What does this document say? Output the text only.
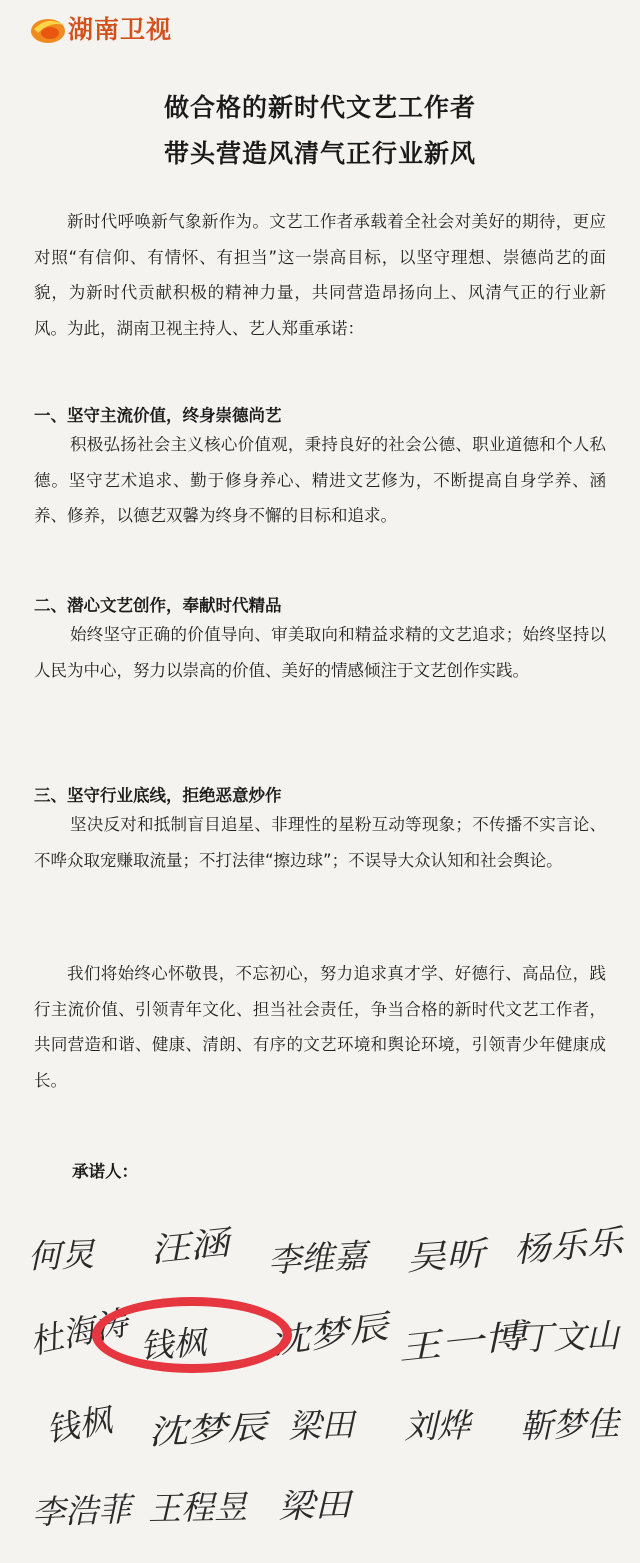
湖南卫视
做合格的新时代文艺工作者
带头营造风清气正行业新风

新时代呼唤新气象新作为。文艺工作者承载着全社会对美好的期待，更应对照“有信仰、有情怀、有担当”这一崇高目标，以坚守理想、崇德尚艺的面貌，为新时代贡献积极的精神力量，共同营造昂扬向上、风清气正的行业新风。为此，湖南卫视主持人、艺人郑重承诺：

一、坚守主流价值，终身崇德尚艺

积极弘扬社会主义核心价值观，秉持良好的社会公德、职业道德和个人私德。坚守艺术追求、勤于修身养心、精进文艺修为，不断提高自身学养、涵养、修养，以德艺双馨为终身不懈的目标和追求。

二、潜心文艺创作，奉献时代精品

始终坚守正确的价值导向、审美取向和精益求精的文艺追求；始终坚持以人民为中心，努力以崇高的价值、美好的情感倾注于文艺创作实践。

三、坚守行业底线，拒绝恶意炒作

坚决反对和抵制盲目追星、非理性的星粉互动等现象；不传播不实言论、不哗众取宠赚取流量；不打法律“擦边球”；不误导大众认知和社会舆论。

我们将始终心怀敬畏，不忘初心，努力追求真才学、好德行、高品位，践行主流价值、引领青年文化、担当社会责任，争当合格的新时代文艺工作者，共同营造和谐、健康、清朗、有序的文艺环境和舆论环境，引领青少年健康成长。

承诺人：
何炅 汪涵 李维嘉 吴昕 杨乐乐
杜海涛 钱枫 沈梦辰 王一博
丁文山
钱枫 沈梦辰 梁田 刘烨 靳梦佳
李浩菲 王程昱 梁田
